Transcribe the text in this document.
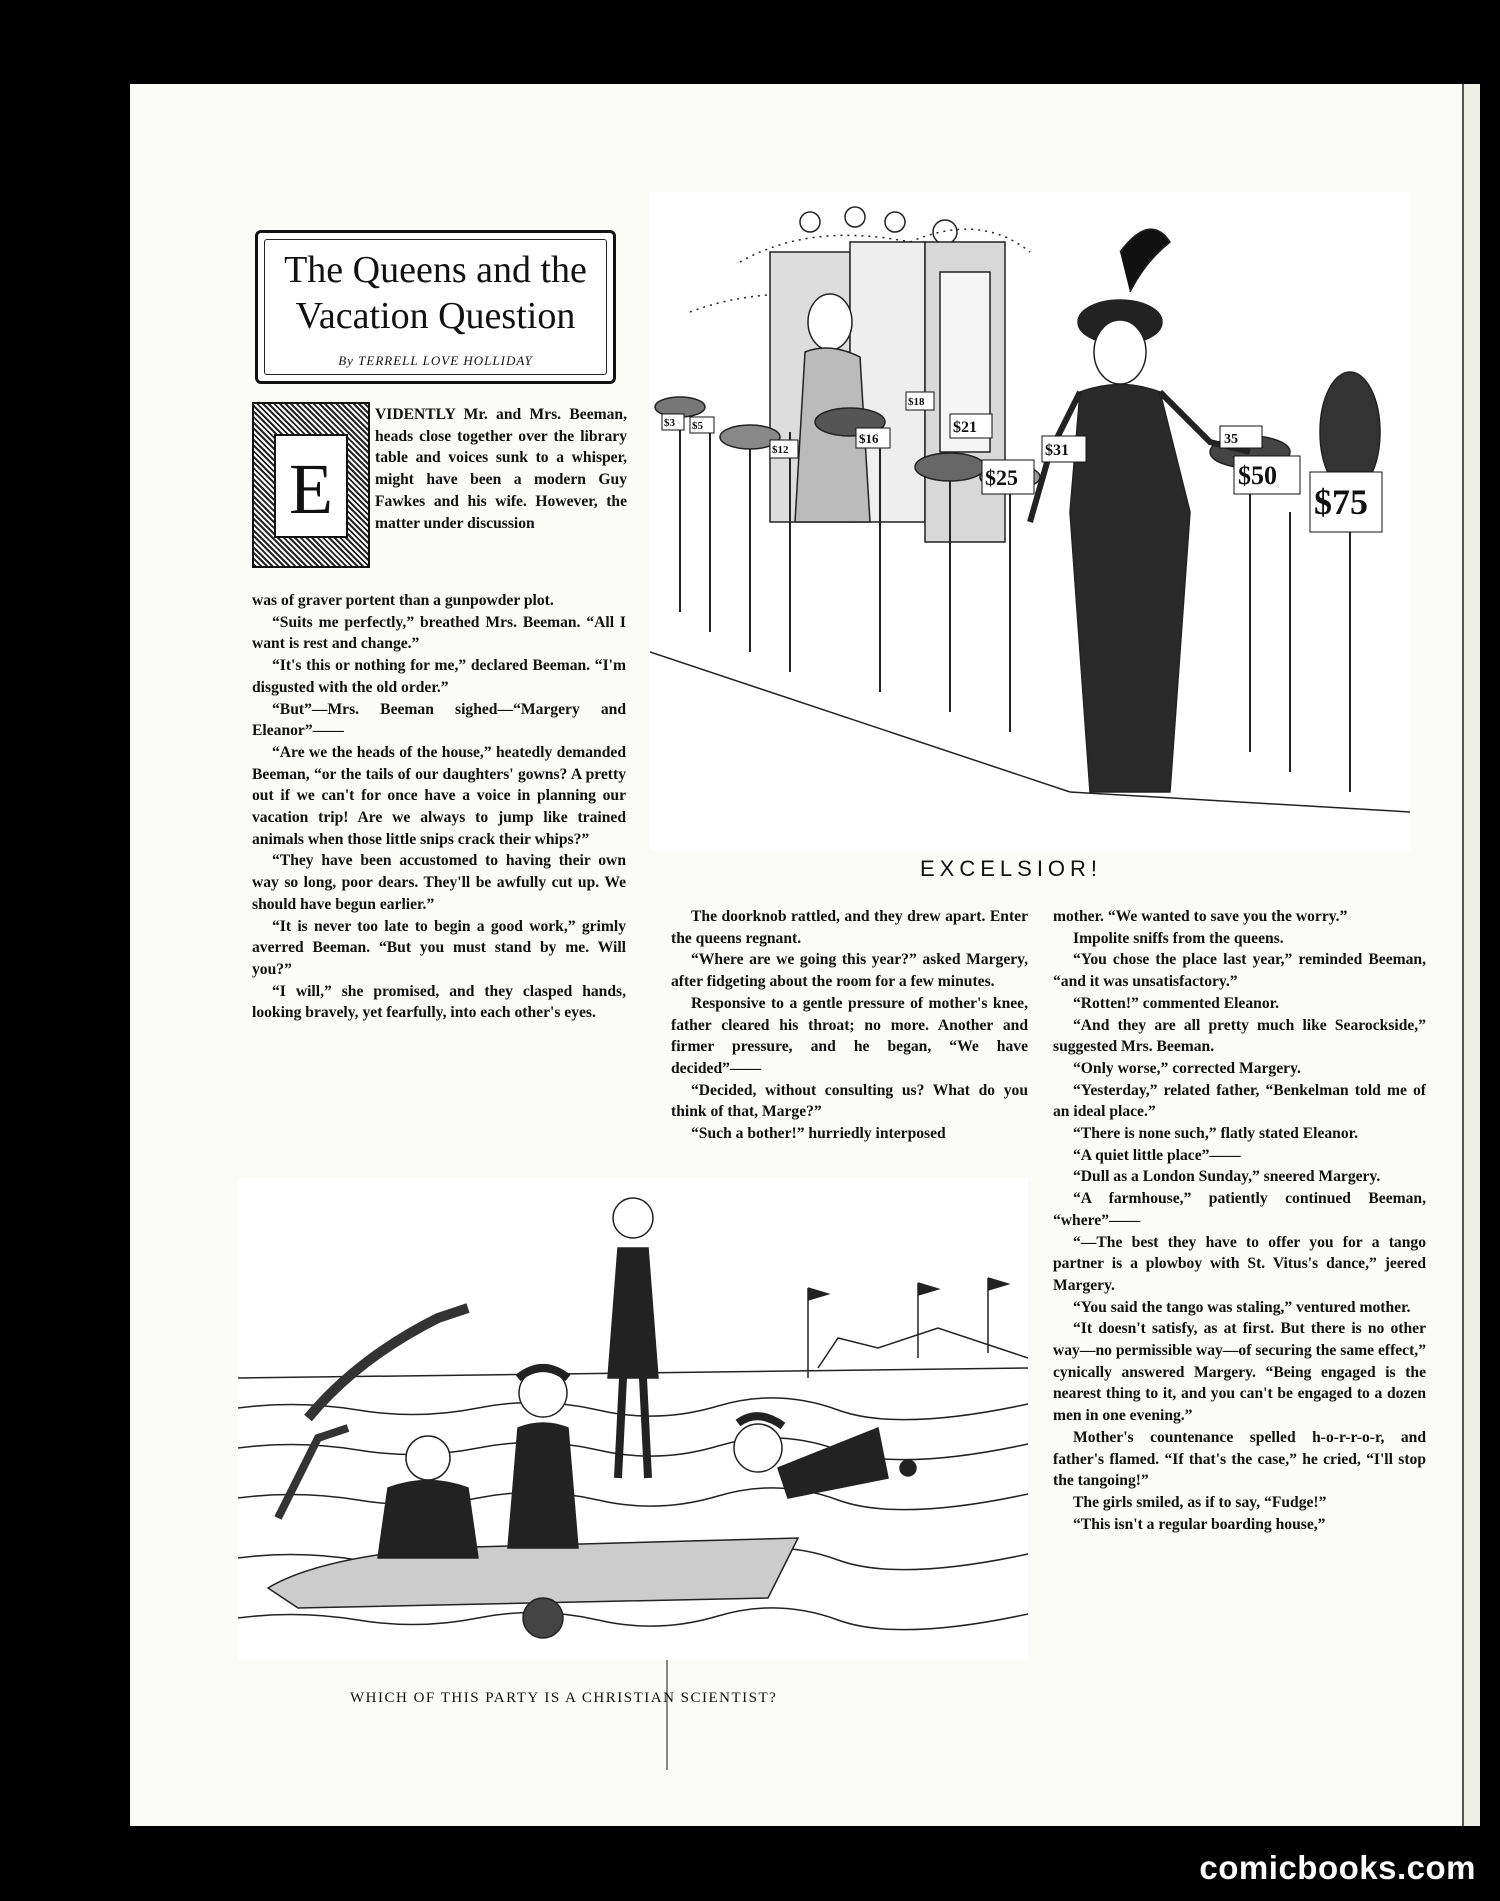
The Queens and the
Vacation Question
By TERRELL LOVE HOLLIDAY
E

VIDENTLY Mr. and Mrs. Beeman, heads close together over the library table and voices sunk to a whisper, might have been a modern Guy Fawkes and his wife. However, the matter under discussion

was of graver portent than a gunpowder plot.

“Suits me perfectly,” breathed Mrs. Beeman. “All I want is rest and change.”

“It's this or nothing for me,” declared Beeman. “I'm disgusted with the old order.”

“But”—Mrs. Beeman sighed—“Margery and Eleanor”——

“Are we the heads of the house,” heatedly demanded Beeman, “or the tails of our daughters' gowns? A pretty out if we can't for once have a voice in planning our vacation trip! Are we always to jump like trained animals when those little snips crack their whips?”

“They have been accustomed to having their own way so long, poor dears. They'll be awfully cut up. We should have begun earlier.”

“It is never too late to begin a good work,” grimly averred Beeman. “But you must stand by me. Will you?”

“I will,” she promised, and they clasped hands, looking bravely, yet fearfully, into each other's eyes.

$3 $5
$12
$16
$18
$21
$25
$31
35
$50
$75
EXCELSIOR!

The doorknob rattled, and they drew apart. Enter the queens regnant.

“Where are we going this year?” asked Margery, after fidgeting about the room for a few minutes.

Responsive to a gentle pressure of mother's knee, father cleared his throat; no more. Another and firmer pressure, and he began, “We have decided”——

“Decided, without consulting us? What do you think of that, Marge?”

“Such a bother!” hurriedly interposed

mother. “We wanted to save you the worry.”

Impolite sniffs from the queens.

“You chose the place last year,” reminded Beeman, “and it was unsatisfactory.”

“Rotten!” commented Eleanor.

“And they are all pretty much like Searockside,” suggested Mrs. Beeman.

“Only worse,” corrected Margery.

“Yesterday,” related father, “Benkelman told me of an ideal place.”

“There is none such,” flatly stated Eleanor.

“A quiet little place”——

“Dull as a London Sunday,” sneered Margery.

“A farmhouse,” patiently continued Beeman, “where”——

“—The best they have to offer you for a tango partner is a plowboy with St. Vitus's dance,” jeered Margery.

“You said the tango was staling,” ventured mother.

“It doesn't satisfy, as at first. But there is no other way—no permissible way—of securing the same effect,” cynically answered Margery. “Being engaged is the nearest thing to it, and you can't be engaged to a dozen men in one evening.”

Mother's countenance spelled h-o-r-r-o-r, and father's flamed. “If that's the case,” he cried, “I'll stop the tangoing!”

The girls smiled, as if to say, “Fudge!”

“This isn't a regular boarding house,”

WHICH OF THIS PARTY IS A CHRISTIAN SCIENTIST?
comicbooks.com
